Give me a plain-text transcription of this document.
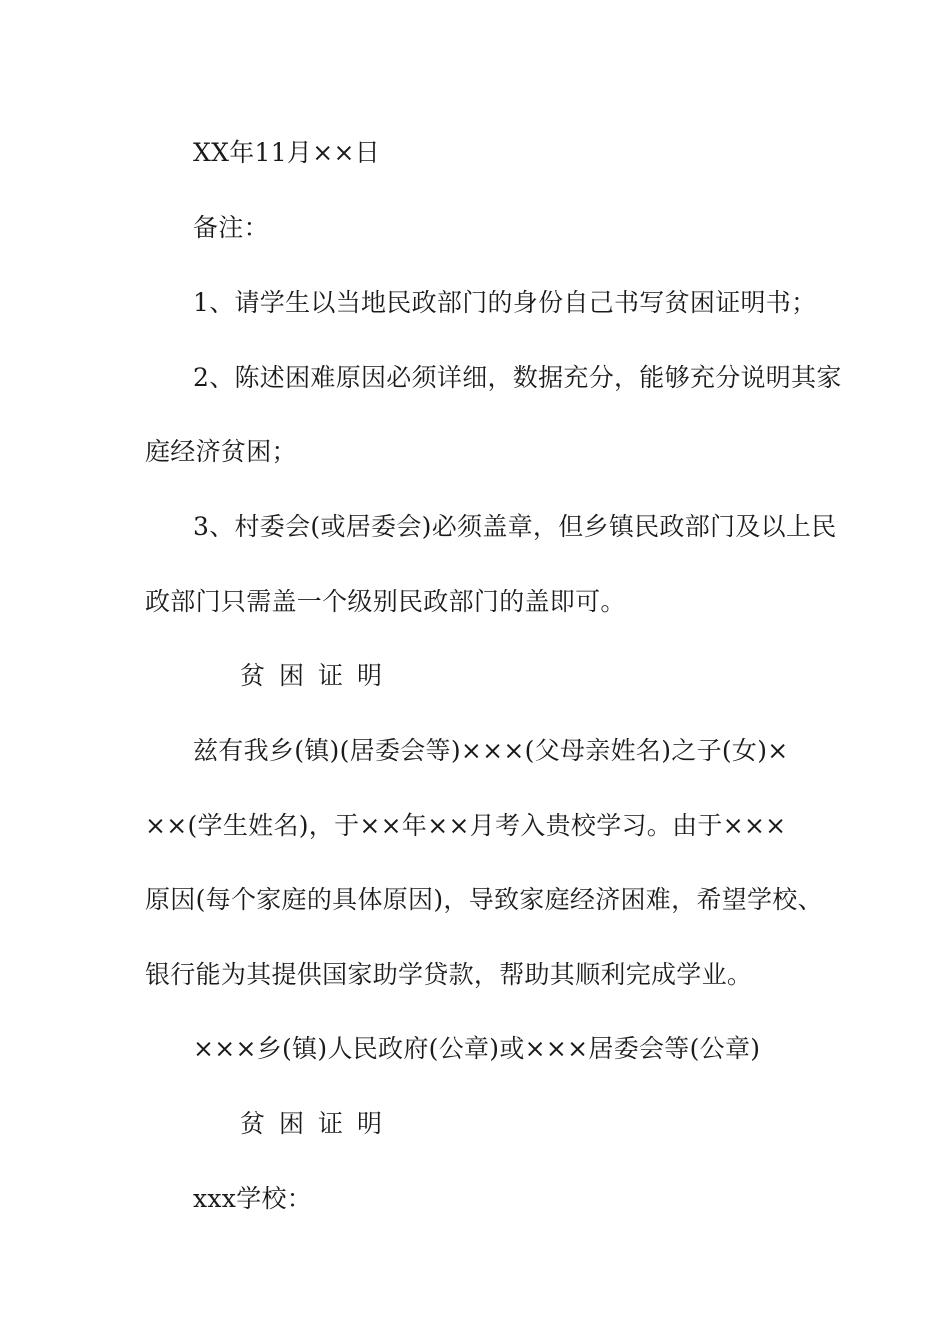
XX年11月××日
备注：
1、请学生以当地民政部门的身份自己书写贫困证明书；
2、陈述困难原因必须详细，数据充分，能够充分说明其家
庭经济贫困；
3、村委会(或居委会)必须盖章，但乡镇民政部门及以上民
政部门只需盖一个级别民政部门的盖即可。
贫困证明
兹有我乡(镇)(居委会等)×××(父母亲姓名)之子(女)×
××(学生姓名)，于××年××月考入贵校学习。由于×××
原因(每个家庭的具体原因)，导致家庭经济困难，希望学校、
银行能为其提供国家助学贷款，帮助其顺利完成学业。
×××乡(镇)人民政府(公章)或×××居委会等(公章)
贫困证明
xxx学校：
